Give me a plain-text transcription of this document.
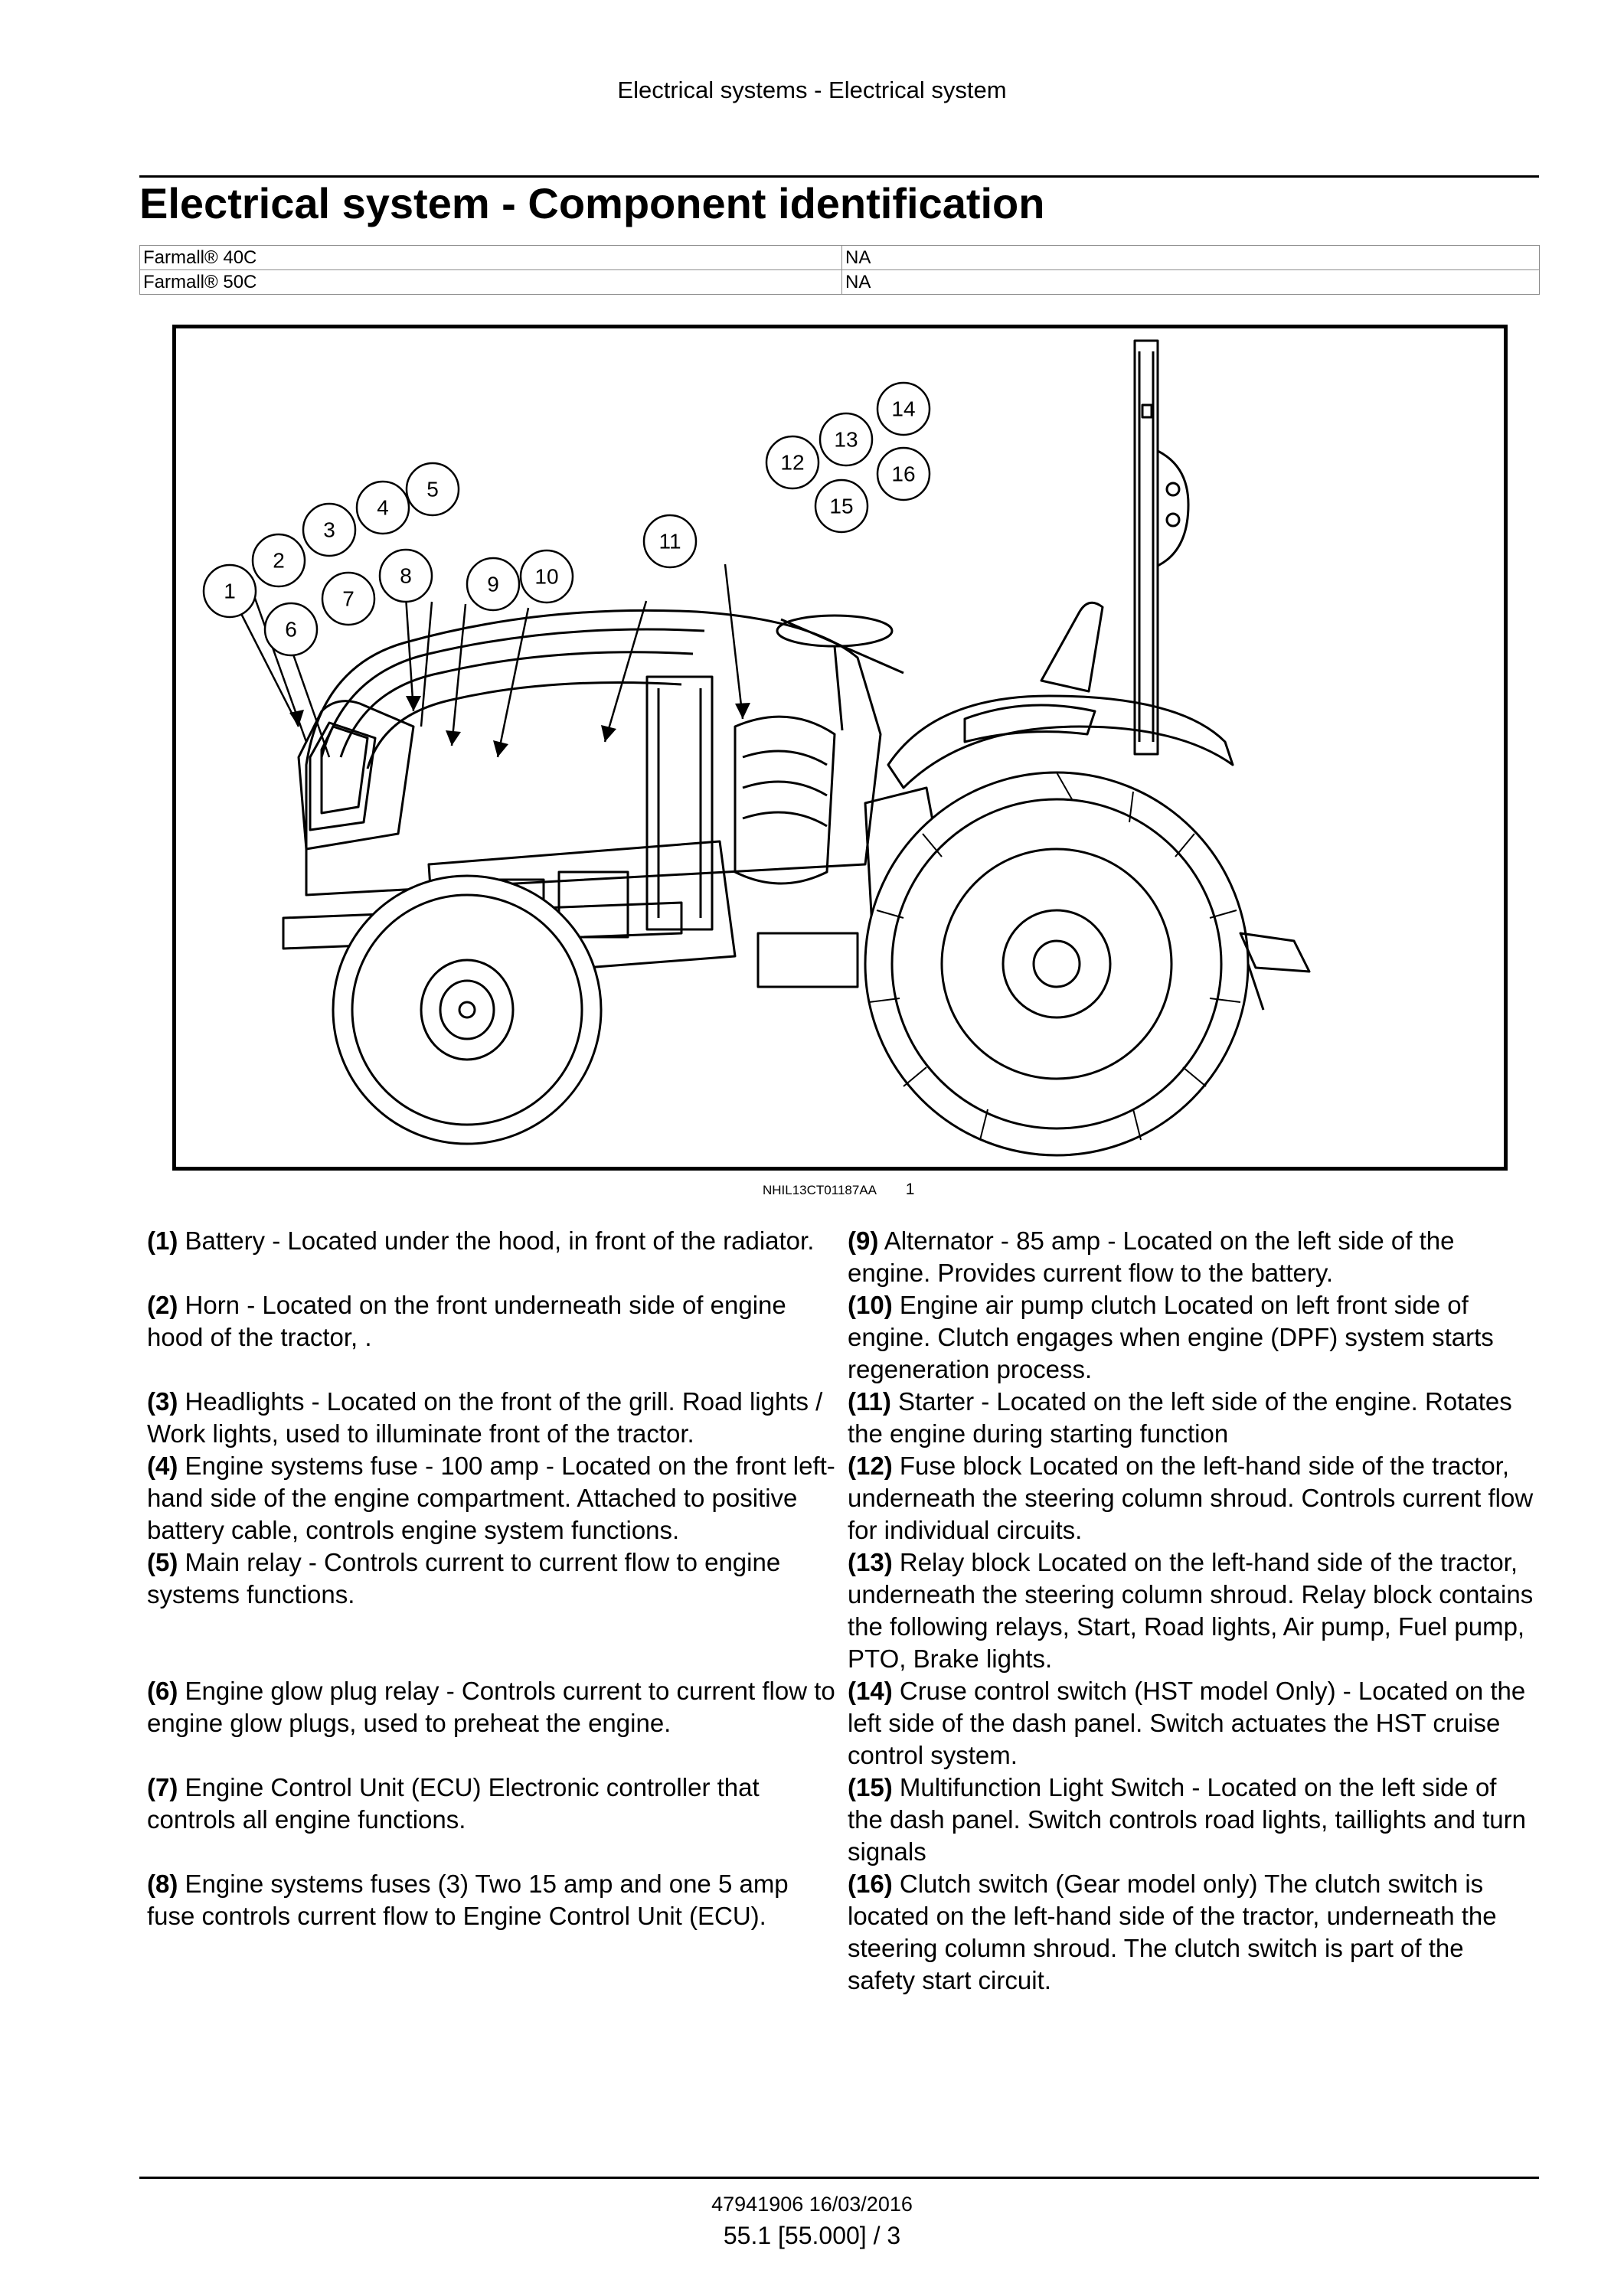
Electrical systems - Electrical system
Electrical system - Component identification
Farmall® 40C	NA
Farmall® 50C	NA
1
2
3
4
5
6
7
8	9 10
11
12
13
14
15
16
NHIL13CT01187AA 1

(1) Battery - Located under the hood, in front of the radiator.

(2) Horn - Located on the front underneath side of engine hood of the tractor, .

(3) Headlights - Located on the front of the grill. Road lights / Work lights, used to illuminate front of the tractor.

(4) Engine systems fuse - 100 amp - Located on the front left-hand side of the engine compartment. Attached to positive battery cable, controls engine system functions.

(5) Main relay - Controls current to current flow to engine systems functions.

(6) Engine glow plug relay - Controls current to current flow to engine glow plugs, used to preheat the engine.

(7) Engine Control Unit (ECU) Electronic controller that controls all engine functions.

(8) Engine systems fuses (3) Two 15 amp and one 5 amp fuse controls current flow to Engine Control Unit (ECU).

(9) Alternator - 85 amp - Located on the left side of the engine. Provides current flow to the battery.

(10) Engine air pump clutch Located on left front side of engine. Clutch engages when engine (DPF) system starts regeneration process.

(11) Starter - Located on the left side of the engine. Rotates the engine during starting function

(12) Fuse block Located on the left-hand side of the tractor, underneath the steering column shroud. Controls current flow for individual circuits.

(13) Relay block Located on the left-hand side of the tractor, underneath the steering column shroud. Relay block contains the following relays, Start, Road lights, Air pump, Fuel pump, PTO, Brake lights.

(14) Cruse control switch (HST model Only) - Located on the left side of the dash panel. Switch actuates the HST cruise control system.

(15) Multifunction Light Switch - Located on the left side of the dash panel. Switch controls road lights, taillights and turn signals

(16) Clutch switch (Gear model only) The clutch switch is located on the left-hand side of the tractor, underneath the steering column shroud. The clutch switch is part of the safety start circuit.

47941906 16/03/2016
55.1 [55.000] / 3
